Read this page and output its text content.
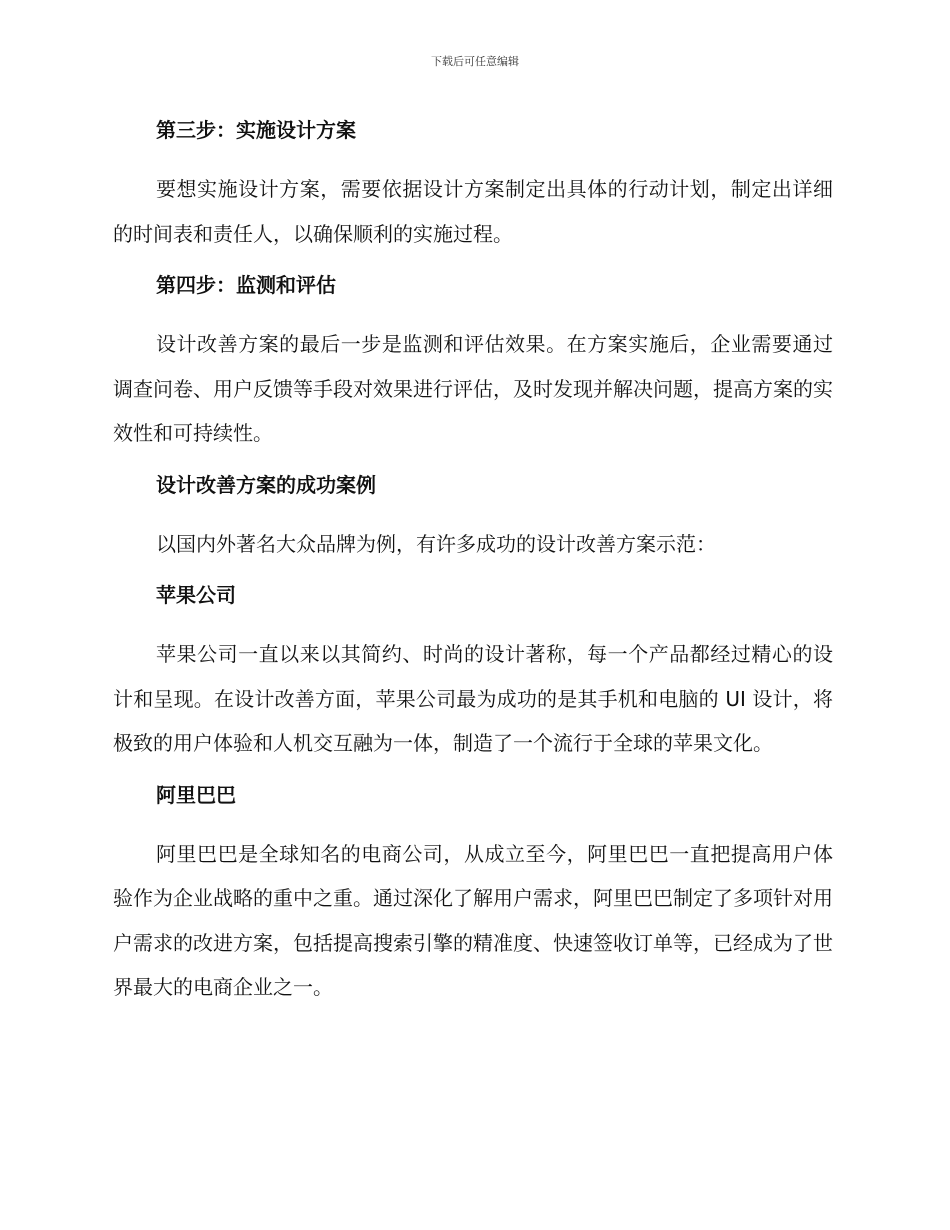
下载后可任意编辑
第三步：实施设计方案

要想实施设计方案，需要依据设计方案制定出具体的行动计划，制定出详细的时间表和责任人，以确保顺利的实施过程。

第四步：监测和评估

设计改善方案的最后一步是监测和评估效果。在方案实施后，企业需要通过调查问卷、用户反馈等手段对效果进行评估，及时发现并解决问题，提高方案的实效性和可持续性。

设计改善方案的成功案例

以国内外著名大众品牌为例，有许多成功的设计改善方案示范：

苹果公司

苹果公司一直以来以其简约、时尚的设计著称，每一个产品都经过精心的设计和呈现。在设计改善方面，苹果公司最为成功的是其手机和电脑的 UI 设计，将极致的用户体验和人机交互融为一体，制造了一个流行于全球的苹果文化。

阿里巴巴

阿里巴巴是全球知名的电商公司，从成立至今，阿里巴巴一直把提高用户体验作为企业战略的重中之重。通过深化了解用户需求，阿里巴巴制定了多项针对用户需求的改进方案，包括提高搜索引擎的精准度、快速签收订单等，已经成为了世界最大的电商企业之一。
